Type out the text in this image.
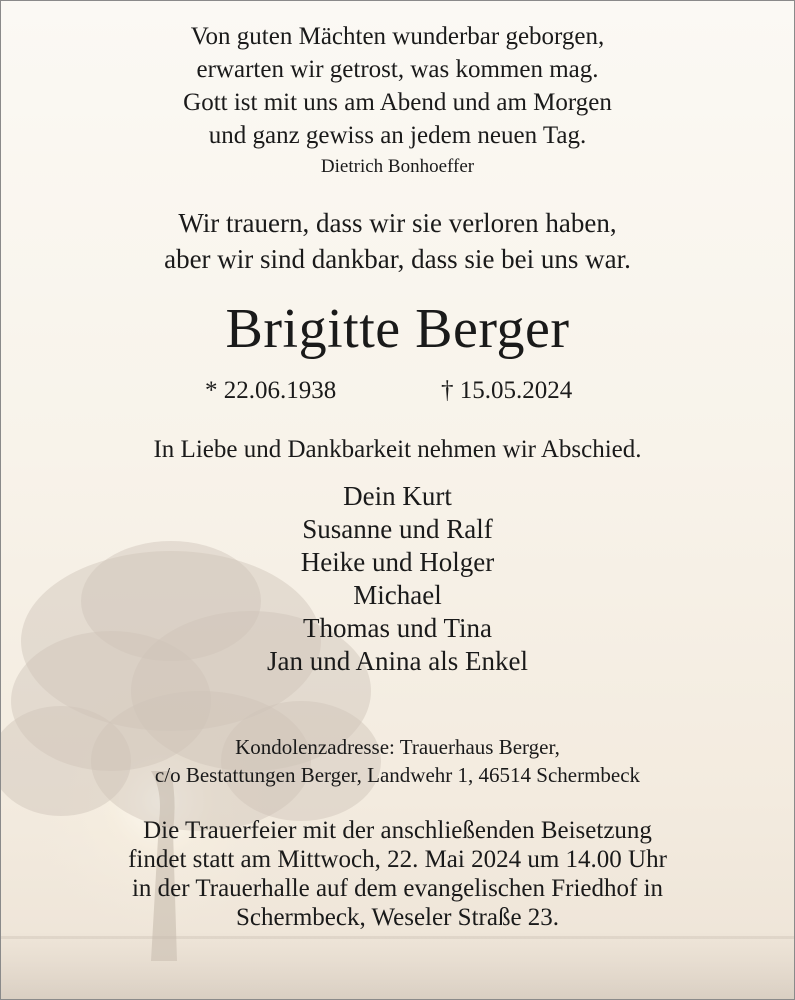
Von guten Mächten wunderbar geborgen,
erwarten wir getrost, was kommen mag.
Gott ist mit uns am Abend und am Morgen
und ganz gewiss an jedem neuen Tag.
Dietrich Bonhoeffer
Wir trauern, dass wir sie verloren haben,
aber wir sind dankbar, dass sie bei uns war.
Brigitte Berger
* 22.06.1938	† 15.05.2024
In Liebe und Dankbarkeit nehmen wir Abschied.
Dein Kurt
Susanne und Ralf
Heike und Holger
Michael
Thomas und Tina
Jan und Anina als Enkel
Kondolenzadresse: Trauerhaus Berger,
c/o Bestattungen Berger, Landwehr 1, 46514 Schermbeck
Die Trauerfeier mit der anschließenden Beisetzung
findet statt am Mittwoch, 22. Mai 2024 um 14.00 Uhr
in der Trauerhalle auf dem evangelischen Friedhof in
Schermbeck, Weseler Straße 23.
